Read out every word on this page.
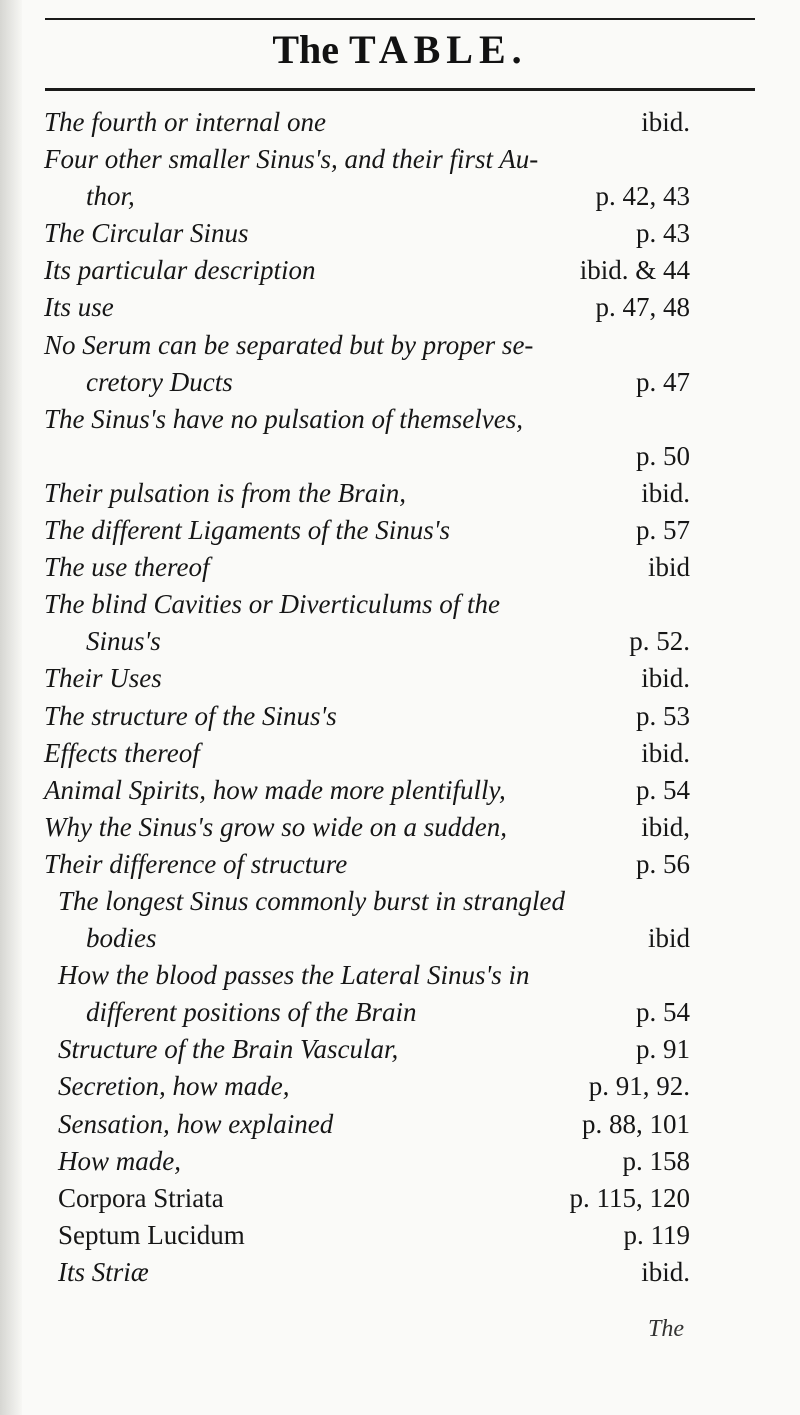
The TABLE.
The fourth or internal one	ibid.
Four other smaller Sinus's, and their first Au-
thor,	p. 42, 43
The Circular Sinus	p. 43
Its particular description	ibid. & 44
Its use	p. 47, 48
No Serum can be separated but by proper se-
cretory Ducts	p. 47
The Sinus's have no pulsation of themselves,
p. 50
Their pulsation is from the Brain,	ibid.
The different Ligaments of the Sinus's	p. 57
The use thereof	ibid
The blind Cavities or Diverticulums of the
Sinus's	p. 52.
Their Uses	ibid.
The structure of the Sinus's	p. 53
Effects thereof	ibid.
Animal Spirits, how made more plentifully,	p. 54
Why the Sinus's grow so wide on a sudden,	ibid,
Their difference of structure	p. 56
The longest Sinus commonly burst in strangled
bodies	ibid
How the blood passes the Lateral Sinus's in
different positions of the Brain	p. 54
Structure of the Brain Vascular,	p. 91
Secretion, how made,	p. 91, 92.
Sensation, how explained	p. 88, 101
How made,	p. 158
Corpora Striata	p. 115, 120
Septum Lucidum	p. 119
Its Striæ	ibid.
The
